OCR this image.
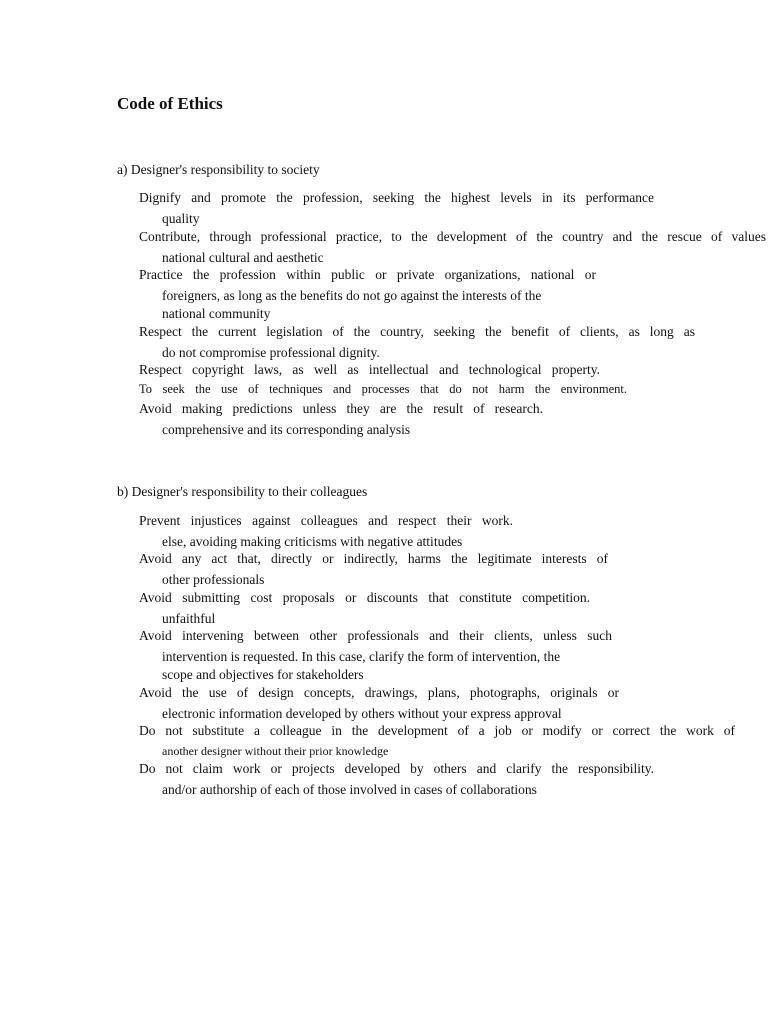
Code of Ethics

a) Designer's responsibility to society

Dignify and promote the profession, seeking the highest levels in its performance

quality

Contribute, through professional practice, to the development of the country and the rescue of values

national cultural and aesthetic

Practice the profession within public or private organizations, national or

foreigners, as long as the benefits do not go against the interests of the

national community

Respect the current legislation of the country, seeking the benefit of clients, as long as

do not compromise professional dignity.

Respect copyright laws, as well as intellectual and technological property.

To seek the use of techniques and processes that do not harm the environment.

Avoid making predictions unless they are the result of research.

comprehensive and its corresponding analysis

b) Designer's responsibility to their colleagues

Prevent injustices against colleagues and respect their work.

else, avoiding making criticisms with negative attitudes

Avoid any act that, directly or indirectly, harms the legitimate interests of

other professionals

Avoid submitting cost proposals or discounts that constitute competition.

unfaithful

Avoid intervening between other professionals and their clients, unless such

intervention is requested. In this case, clarify the form of intervention, the

scope and objectives for stakeholders

Avoid the use of design concepts, drawings, plans, photographs, originals or

electronic information developed by others without your express approval

Do not substitute a colleague in the development of a job or modify or correct the work of

another designer without their prior knowledge

Do not claim work or projects developed by others and clarify the responsibility.

and/or authorship of each of those involved in cases of collaborations
